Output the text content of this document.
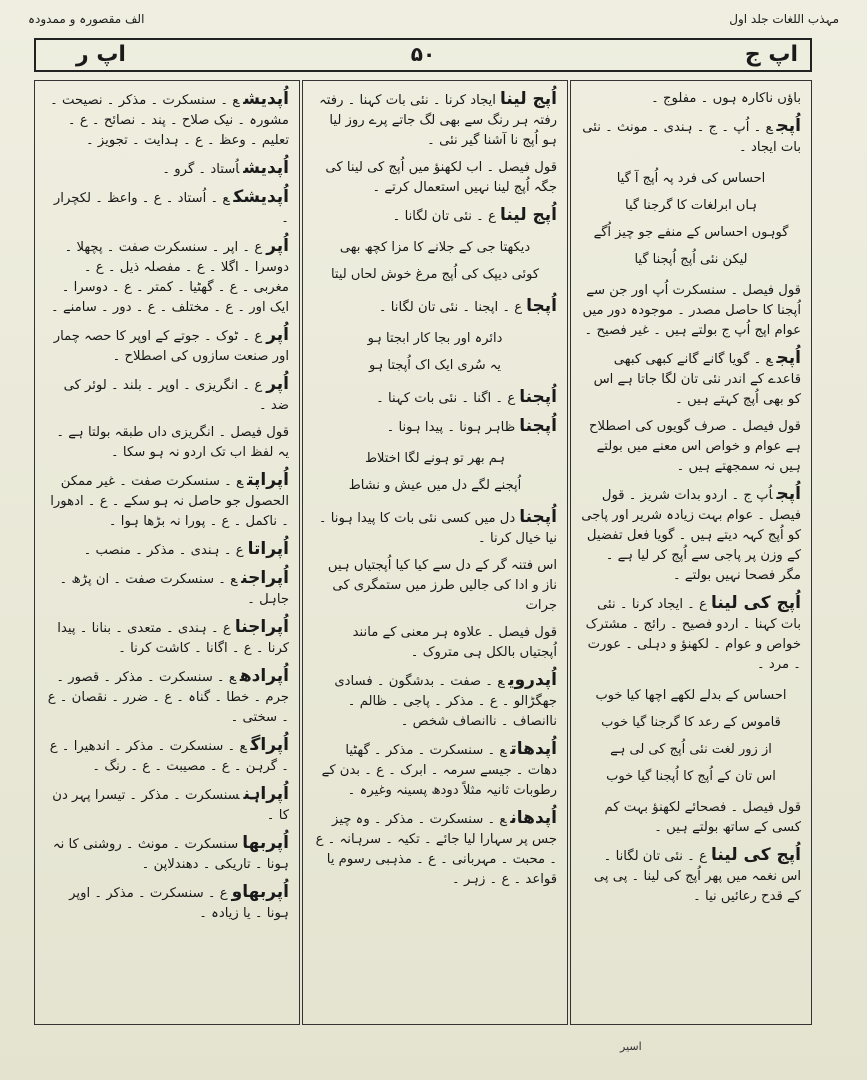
مہذب اللغات جلد اول
الف مقصورہ و ممدودہ
اپ ج
۵۰
اپ ر
باؤں ناکارہ ہوں ۔ مفلوج ۔
اُپجع ۔ اُپ ۔ ج ۔ ہندی ۔ مونث ۔ نئی بات ایجاد ۔
احساس کی فرد پہ اُپج آ گیا
ہاں ابرلغات کا گرجنا گیا
گوہوں احساس کے منفے جو چیز اُگے
لیکن نئی اُپج اُپجنا گیا
قول فیصل ۔ سنسکرت اُپ اور جن سے اُپجنا کا حاصل مصدر ۔ موجودہ دور میں عوام اپج اُپ ج بولتے ہیں ۔ غیر فصیح ۔
اُپجع ۔ گویا گانے گانے کبھی کبھی قاعدے کے اندر نئی تان لگا جاتا ہے اس کو بھی اُپج کہتے ہیں ۔
قول فیصل ۔ صرف گویوں کی اصطلاح ہے عوام و خواص اس معنے میں بولتے ہیں نہ سمجھتے ہیں ۔
اُپجاُپ ج ۔ اردو بدات شریز ۔ قول فیصل ۔ عوام بہت زیادہ شریر اور پاجی کو اُپج کہہ دیتے ہیں ۔ گویا فعل تفضیل کے وزن پر پاجی سے اُپج کر لیا ہے ۔ مگر فصحا نہیں بولتے ۔
اُپج کی لیناع ۔ ایجاد کرنا ۔ نئی بات کہنا ۔ اردو فصیح ۔ رائج ۔ مشترک خواص و عوام ۔ لکھنؤ و دہلی ۔ عورت ۔ مرد ۔
احساس کے بدلے لکھے اچھا کیا خوب
قاموس کے رعد کا گرجنا گیا خوب
از زور لغت نئی اُپج کی لی ہے
اس تان کے اُپج کا اُپجنا گیا خوب
قول فیصل ۔ فصحائے لکھنؤ بہت کم کسی کے ساتھ بولتے ہیں ۔
اُپج کی لیناع ۔ نئی تان لگانا ۔ اس نغمہ میں پھر اُپج کی لینا ۔ پی پی کے قدح رعائیں نیا ۔
اُپج لیناایجاد کرنا ۔ نئی بات کہنا ۔ رفتہ رفتہ ہر رنگ سے بھی لگ جاتے پرے روز لیا ہو اُپج نا آشنا گیر نئی ۔
قول فیصل ۔ اب لکھنؤ میں اُپج کی لینا کی جگہ اُپج لینا نہیں استعمال کرتے ۔
اُپج لیناع ۔ نئی تان لگانا ۔
دیکھتا جی کے جلانے کا مزا کچھ بھی
کوئی دیپک کی اُپج مرغ خوش لحاں لیتا
اُپجاع ۔ اپجنا ۔ نئی تان لگانا ۔
دائرہ اور بجا کار ابجتا ہو
یہ سُری ایک اک اُپجتا ہو
اُپجناع ۔ اگنا ۔ نئی بات کہنا ۔
اُپجناظاہر ہونا ۔ پیدا ہونا ۔
ہم بھر تو ہونے لگا اختلاط
اُپجنے لگے دل میں عیش و نشاط
اُپجنادل میں کسی نئی بات کا پیدا ہونا ۔ نیا خیال کرنا ۔
اس فتنہ گر کے دل سے کیا کیا اُپجتیاں ہیں ناز و ادا کی جالیں طرز میں ستمگری کی جرات
قول فیصل ۔ علاوہ ہر معنی کے مانند اُپجتیاں بالکل ہی متروک ۔
اُپدرویع ۔ صفت ۔ بدشگون ۔ فسادی جھگڑالو ۔ ع ۔ مذکر ۔ پاجی ۔ ظالم ۔ ناانصاف ۔ ناانصاف شخص ۔
اُپدھاتع ۔ سنسکرت ۔ مذکر ۔ گھٹیا دھات ۔ جیسے سرمہ ۔ ابرک ۔ ع ۔ بدن کے رطوبات ثانیہ مثلاً دودھ پسینہ وغیرہ ۔
اُپدھانع ۔ سنسکرت ۔ مذکر ۔ وہ چیز جس پر سہارا لیا جائے ۔ تکیہ ۔ سرہانہ ۔ ع ۔ محبت ۔ مہربانی ۔ ع ۔ مذہبی رسوم یا قواعد ۔ ع ۔ زہر ۔
اُپدیشع ۔ سنسکرت ۔ مذکر ۔ نصیحت ۔ مشورہ ۔ نیک صلاح ۔ پند ۔ نصائح ۔ ع ۔ تعلیم ۔ وعظ ۔ ع ۔ ہدایت ۔ تجویز ۔
اُپدیشاُستاد ۔ گرو ۔
اُپدیشکع ۔ اُستاد ۔ ع ۔ واعظ ۔ لکچرار ۔
اُپرع ۔ اپر ۔ سنسکرت صفت ۔ پچھلا ۔ دوسرا ۔ اگلا ۔ ع ۔ مفصلہ ذیل ۔ ع ۔ مغربی ۔ ع ۔ گھٹیا ۔ کمتر ۔ ع ۔ دوسرا ۔ ایک اور ۔ ع ۔ مختلف ۔ ع ۔ دور ۔ سامنے ۔
اُپرع ۔ ٹوک ۔ جوتے کے اوپر کا حصہ چمار اور صنعت سازوں کی اصطلاح ۔
اُپرع ۔ انگریزی ۔ اوپر ۔ بلند ۔ لوئر کی ضد ۔
قول فیصل ۔ انگریزی داں طبقہ بولتا ہے ۔ یہ لفظ اب تک اردو نہ ہو سکا ۔
اُپراپتع ۔ سنسکرت صفت ۔ غیر ممکن الحصول جو حاصل نہ ہو سکے ۔ ع ۔ ادھورا ۔ ناکمل ۔ ع ۔ پورا نہ بڑھا ہوا ۔
اُپراتاع ۔ ہندی ۔ مذکر ۔ منصب ۔
اُپراجنع ۔ سنسکرت صفت ۔ ان پڑھ ۔ جاہل ۔
اُپراجناع ۔ ہندی ۔ متعدی ۔ بنانا ۔ پیدا کرنا ۔ ع ۔ اگانا ۔ کاشت کرنا ۔
اُپرادھع ۔ سنسکرت ۔ مذکر ۔ قصور ۔ جرم ۔ خطا ۔ گناہ ۔ ع ۔ ضرر ۔ نقصان ۔ ع ۔ سختی ۔
اُپراگع ۔ سنسکرت ۔ مذکر ۔ اندھیرا ۔ ع ۔ گرہن ۔ ع ۔ مصیبت ۔ ع ۔ رنگ ۔
اُپراہنسنسکرت ۔ مذکر ۔ تیسرا پہر دن کا ۔
اُپربھاسنسکرت ۔ مونث ۔ روشنی کا نہ ہونا ۔ تاریکی ۔ دھندلاپن ۔
اُپربھاوع ۔ سنسکرت ۔ مذکر ۔ اوپر ہونا ۔ یا زیادہ ۔
اسیر
